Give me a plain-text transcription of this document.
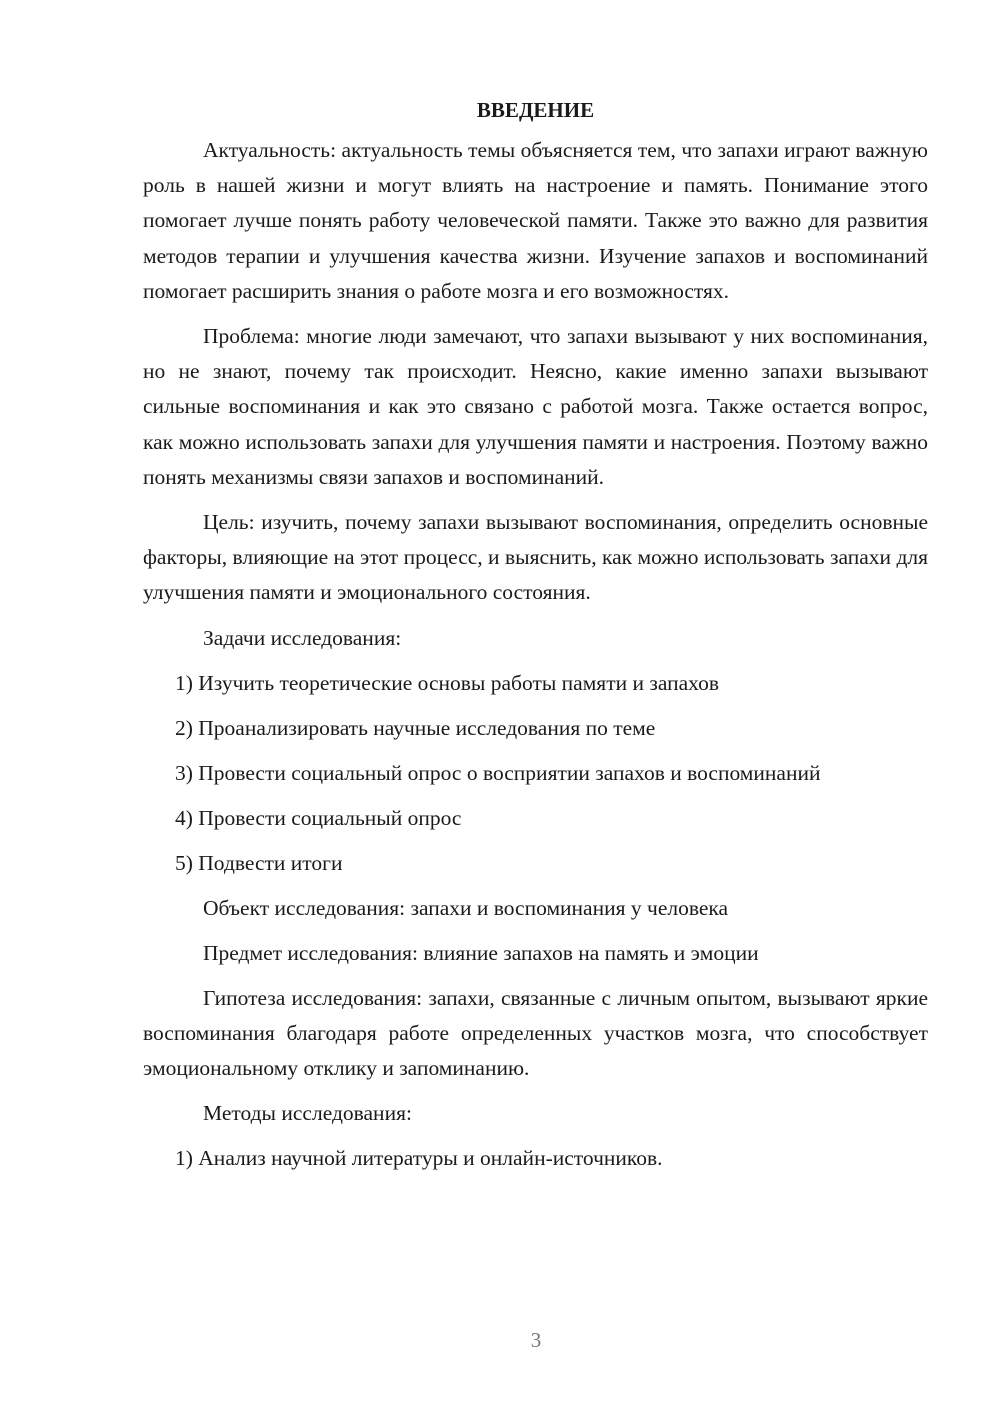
ВВЕДЕНИЕ

Актуальность: актуальность темы объясняется тем, что запахи играют важную роль в нашей жизни и могут влиять на настроение и память. Понимание этого помогает лучше понять работу человеческой памяти. Также это важно для развития методов терапии и улучшения качества жизни. Изучение запахов и воспоминаний помогает расширить знания о работе мозга и его возможностях.

Проблема: многие люди замечают, что запахи вызывают у них воспоминания, но не знают, почему так происходит. Неясно, какие именно запахи вызывают сильные воспоминания и как это связано с работой мозга. Также остается вопрос, как можно использовать запахи для улучшения памяти и настроения. Поэтому важно понять механизмы связи запахов и воспоминаний.

Цель: изучить, почему запахи вызывают воспоминания, определить основные факторы, влияющие на этот процесс, и выяснить, как можно использовать запахи для улучшения памяти и эмоционального состояния.

Задачи исследования:
1) Изучить теоретические основы работы памяти и запахов
2) Проанализировать научные исследования по теме
3) Провести социальный опрос о восприятии запахов и воспоминаний
4) Провести социальный опрос
5) Подвести итоги
Объект исследования: запахи и воспоминания у человека
Предмет исследования: влияние запахов на память и эмоции

Гипотеза исследования: запахи, связанные с личным опытом, вызывают яркие воспоминания благодаря работе определенных участков мозга, что способствует эмоциональному отклику и запоминанию.

Методы исследования:
1) Анализ научной литературы и онлайн-источников.
3
